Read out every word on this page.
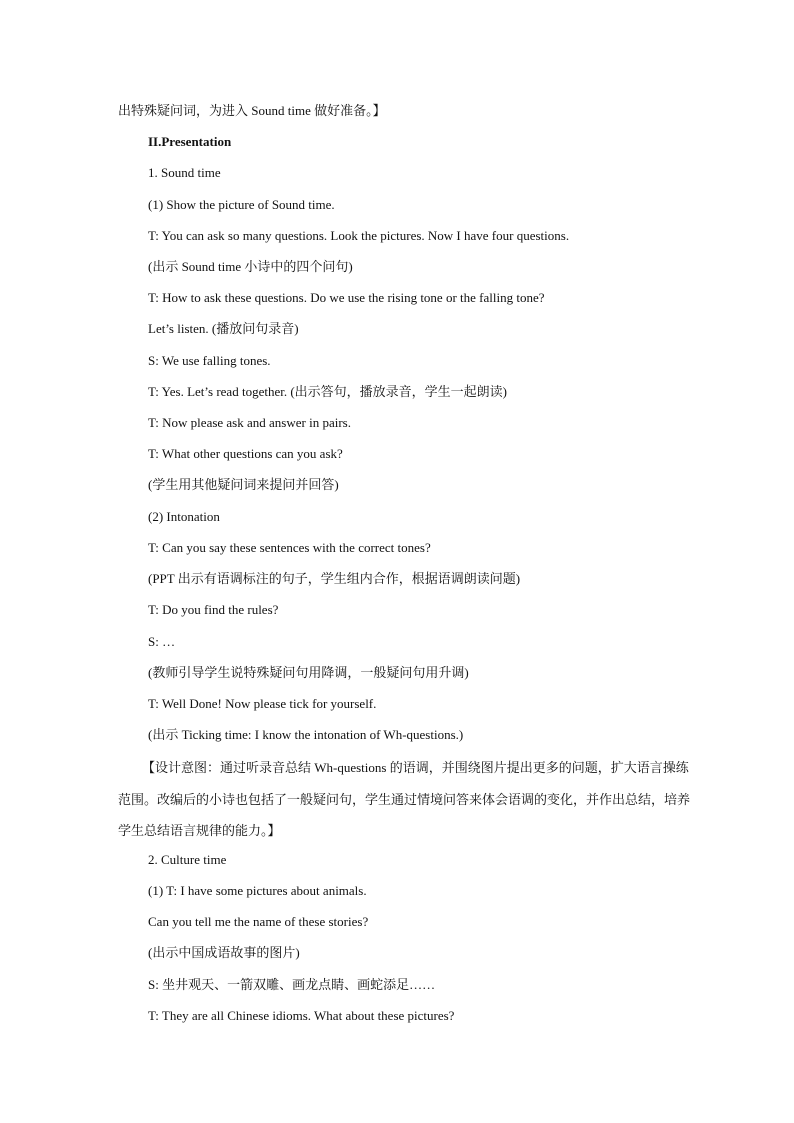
出特殊疑问词，为进入 Sound time 做好准备。】
II.Presentation
1. Sound time
(1) Show the picture of Sound time.
T: You can ask so many questions. Look the pictures. Now I have four questions.
(出示 Sound time 小诗中的四个问句)
T: How to ask these questions. Do we use the rising tone or the falling tone?
Let’s listen. (播放问句录音)
S: We use falling tones.
T: Yes. Let’s read together. (出示答句，播放录音，学生一起朗读)
T: Now please ask and answer in pairs.
T: What other questions can you ask?
(学生用其他疑问词来提问并回答)
(2) Intonation
T: Can you say these sentences with the correct tones?
(PPT 出示有语调标注的句子，学生组内合作，根据语调朗读问题)
T: Do you find the rules?
S: …
(教师引导学生说特殊疑问句用降调，一般疑问句用升调)
T: Well Done! Now please tick for yourself.
(出示 Ticking time: I know the intonation of Wh-questions.)
【设计意图：通过听录音总结 Wh-questions 的语调，并围绕图片提出更多的问题，扩大语言操练范围。改编后的小诗也包括了一般疑问句，学生通过情境问答来体会语调的变化，并作出总结，培养学生总结语言规律的能力。】
2. Culture time
(1) T: I have some pictures about animals.
Can you tell me the name of these stories?
(出示中国成语故事的图片)
S: 坐井观天、一箭双雕、画龙点睛、画蛇添足……
T: They are all Chinese idioms. What about these pictures?
